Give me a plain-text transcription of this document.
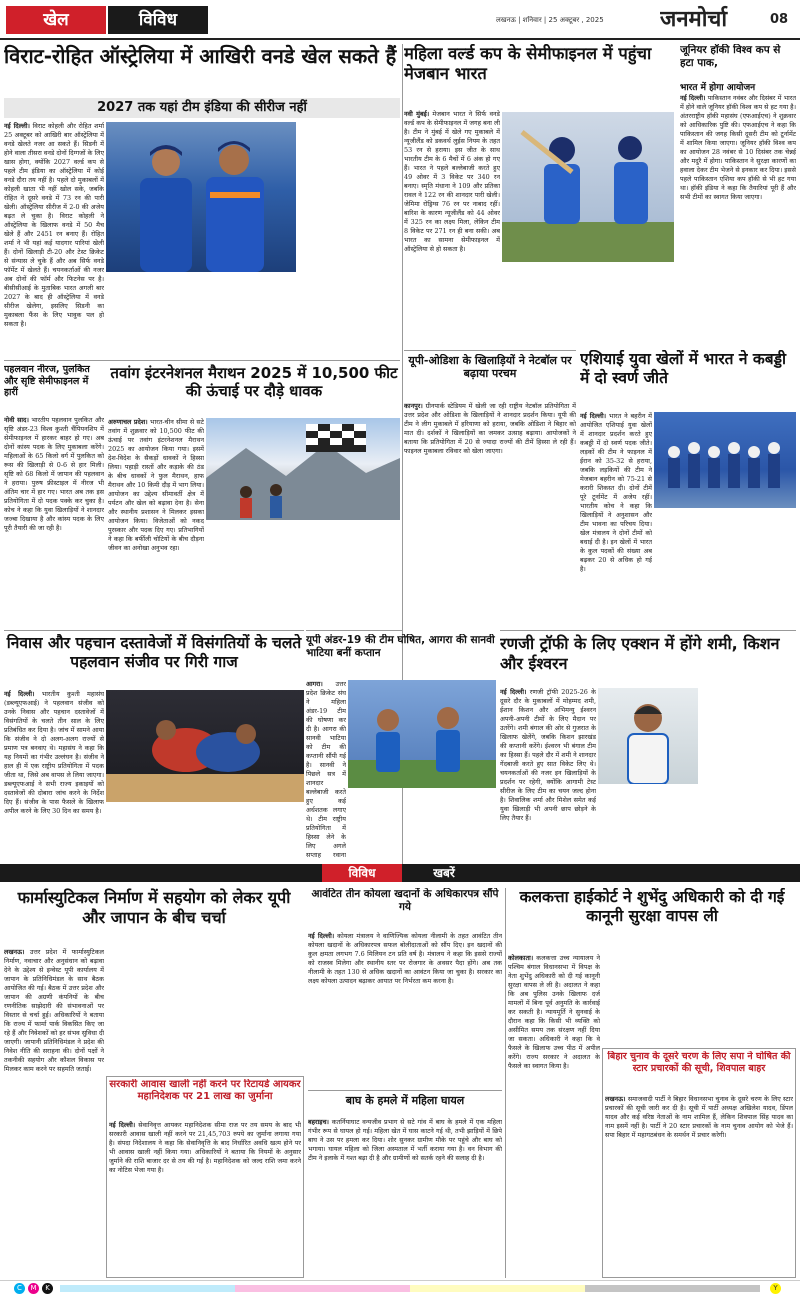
खेल	विविध	लखनऊ | शनिवार | 25 अक्टूबर , 2025	जनमोर्चा	08
विराट-रोहित ऑस्ट्रेलिया में आखिरी वनडे खेल सकते हैं
2027 तक यहां टीम इंडिया की सीरीज नहीं
नई दिल्ली। विराट कोहली और रोहित शर्मा 25 अक्टूबर को आखिरी बार ऑस्ट्रेलिया में वनडे खेलते नजर आ सकते हैं। सिडनी में होने वाला तीसरा वनडे दोनों दिग्गजों के लिए खास होगा, क्योंकि 2027 वर्ल्ड कप से पहले टीम इंडिया का ऑस्ट्रेलिया में कोई वनडे दौरा तय नहीं है। पहले दो मुकाबलों में कोहली खाता भी नहीं खोल सके, जबकि रोहित ने दूसरे वनडे में 73 रन की पारी खेली। ऑस्ट्रेलिया सीरीज में 2-0 की अजेय बढ़त ले चुका है। विराट कोहली ने ऑस्ट्रेलिया के खिलाफ वनडे में 50 मैच खेले हैं और 2451 रन बनाए हैं। रोहित शर्मा ने भी यहां कई यादगार पारियां खेली हैं। दोनों खिलाड़ी टी-20 और टेस्ट क्रिकेट से संन्यास ले चुके हैं और अब सिर्फ वनडे फॉर्मेट में खेलते हैं। चयनकर्ताओं की नजर अब दोनों की फॉर्म और फिटनेस पर है। बीसीसीआई के मुताबिक भारत अगली बार 2027 के बाद ही ऑस्ट्रेलिया में वनडे सीरीज खेलेगा, इसलिए सिडनी का मुकाबला फैंस के लिए भावुक पल हो सकता है।
महिला वर्ल्ड कप के सेमीफाइनल में पहुंचा मेजबान भारत
नवी मुंबई। मेजबान भारत ने सिर्फ वनडे वर्ल्ड कप के सेमीफाइनल में जगह बना ली है। टीम ने मुंबई में खेले गए मुकाबले में न्यूजीलैंड को डकवर्थ लुईस नियम के तहत 53 रन से हराया। इस जीत के साथ भारतीय टीम के 6 मैचों में 6 अंक हो गए हैं। भारत ने पहले बल्लेबाजी करते हुए 49 ओवर में 3 विकेट पर 340 रन बनाए। स्मृति मंधाना ने 109 और प्रतिका रावल ने 122 रन की शानदार पारी खेली। जेमिमा रोड्रिग्स 76 रन पर नाबाद रहीं। बारिश के कारण न्यूजीलैंड को 44 ओवर में 325 रन का लक्ष्य मिला, लेकिन टीम 8 विकेट पर 271 रन ही बना सकी। अब भारत का सामना सेमीफाइनल में ऑस्ट्रेलिया से हो सकता है।
जूनियर हॉकी विश्व कप से हटा पाक,
भारत में होगा आयोजन
नई दिल्ली। पाकिस्तान नवंबर और दिसंबर में भारत में होने वाले जूनियर हॉकी विश्व कप से हट गया है। अंतरराष्ट्रीय हॉकी महासंघ (एफआईएच) ने शुक्रवार को आधिकारिक पुष्टि की। एफआईएच ने कहा कि पाकिस्तान की जगह किसी दूसरी टीम को टूर्नामेंट में शामिल किया जाएगा। जूनियर हॉकी विश्व कप का आयोजन 28 नवंबर से 10 दिसंबर तक चेन्नई और मदुरै में होगा। पाकिस्तान ने सुरक्षा कारणों का हवाला देकर टीम भेजने से इनकार कर दिया। इससे पहले पाकिस्तान एशिया कप हॉकी से भी हट गया था। हॉकी इंडिया ने कहा कि तैयारियां पूरी हैं और सभी टीमों का स्वागत किया जाएगा।
पहलवान नीरज, पुलकित और सृष्टि सेमीफाइनल में हारीं
नोवी साद। भारतीय पहलवान पुलकित और सृष्टि अंडर-23 विश्व कुश्ती चैंपियनशिप में सेमीफाइनल में हारकर बाहर हो गए। अब दोनों कांस्य पदक के लिए मुकाबला करेंगे। महिलाओं के 65 किलो वर्ग में पुलकित को रूस की खिलाड़ी से 0-6 से हार मिली। सृष्टि को 68 किलो में जापान की पहलवान ने हराया। पुरुष फ्रीस्टाइल में नीरज भी अंतिम चार में हार गए। भारत अब तक इस प्रतियोगिता में दो पदक पक्के कर चुका है। कोच ने कहा कि युवा खिलाड़ियों ने शानदार जज्बा दिखाया है और कांस्य पदक के लिए पूरी तैयारी की जा रही है।
तवांग इंटरनेशनल मैराथन 2025 में 10,500 फीट की ऊंचाई पर दौड़े धावक
अरुणाचल प्रदेश। भारत-चीन सीमा से सटे तवांग में शुक्रवार को 10,500 फीट की ऊंचाई पर तवांग इंटरनेशनल मैराथन 2025 का आयोजन किया गया। इसमें देश-विदेश के सैकड़ों धावकों ने हिस्सा लिया। पहाड़ी रास्तों और कड़ाके की ठंड के बीच धावकों ने फुल मैराथन, हाफ मैराथन और 10 किमी दौड़ में भाग लिया। आयोजन का उद्देश्य सीमावर्ती क्षेत्र में पर्यटन और खेल को बढ़ावा देना है। सेना और स्थानीय प्रशासन ने मिलकर इसका आयोजन किया। विजेताओं को नकद पुरस्कार और पदक दिए गए। प्रतिभागियों ने कहा कि बर्फीली चोटियों के बीच दौड़ना जीवन का अनोखा अनुभव रहा।
यूपी-ओडिशा के खिलाड़ियों ने नेटबॉल पर बढ़ाया परचम
कानपुर। ग्रीनपार्क स्टेडियम में खेली जा रही राष्ट्रीय नेटबॉल प्रतियोगिता में उत्तर प्रदेश और ओडिशा के खिलाड़ियों ने शानदार प्रदर्शन किया। यूपी की टीम ने लीग मुकाबले में हरियाणा को हराया, जबकि ओडिशा ने बिहार को मात दी। दर्शकों ने खिलाड़ियों का जमकर उत्साह बढ़ाया। आयोजकों ने बताया कि प्रतियोगिता में 20 से ज्यादा राज्यों की टीमें हिस्सा ले रही हैं। फाइनल मुकाबला रविवार को खेला जाएगा।
एशियाई युवा खेलों में भारत ने कबड्डी में दो स्वर्ण जीते
नई दिल्ली। भारत ने बहरीन में आयोजित एशियाई युवा खेलों में शानदार प्रदर्शन करते हुए कबड्डी में दो स्वर्ण पदक जीते। लड़कों की टीम ने फाइनल में ईरान को 35-32 से हराया, जबकि लड़कियों की टीम ने मेजबान बहरीन को 75-21 से करारी शिकस्त दी। दोनों टीमें पूरे टूर्नामेंट में अजेय रहीं। भारतीय कोच ने कहा कि खिलाड़ियों ने अनुशासन और टीम भावना का परिचय दिया। खेल मंत्रालय ने दोनों टीमों को बधाई दी है। इन खेलों में भारत के कुल पदकों की संख्या अब बढ़कर 20 से अधिक हो गई है।
निवास और पहचान दस्तावेजों में विसंगतियों के चलते पहलवान संजीव पर गिरी गाज
नई दिल्ली। भारतीय कुश्ती महासंघ (डब्ल्यूएफआई) ने पहलवान संजीव को उनके निवास और पहचान दस्तावेजों में विसंगतियों के चलते तीन साल के लिए प्रतिबंधित कर दिया है। जांच में सामने आया कि संजीव ने दो अलग-अलग राज्यों से प्रमाण पत्र बनवाए थे। महासंघ ने कहा कि यह नियमों का गंभीर उल्लंघन है। संजीव ने हाल ही में एक राष्ट्रीय प्रतियोगिता में पदक जीता था, जिसे अब वापस ले लिया जाएगा। डब्ल्यूएफआई ने सभी राज्य इकाइयों को दस्तावेजों की दोबारा जांच करने के निर्देश दिए हैं। संजीव के पास फैसले के खिलाफ अपील करने के लिए 30 दिन का समय है।
यूपी अंडर-19 की टीम घोषित, आगरा की सानवी भाटिया बनीं कप्तान
आगरा। उत्तर प्रदेश क्रिकेट संघ ने महिला अंडर-19 टीम की घोषणा कर दी है। आगरा की सानवी भाटिया को टीम की कप्तानी सौंपी गई है। सानवी ने पिछले सत्र में शानदार बल्लेबाजी करते हुए कई अर्धशतक लगाए थे। टीम राष्ट्रीय प्रतियोगिता में हिस्सा लेने के लिए अगले सप्ताह रवाना
रणजी ट्रॉफी के लिए एक्शन में होंगे शमी, किशन और ईश्वरन
नई दिल्ली। रणजी ट्रॉफी 2025-26 के दूसरे दौर के मुकाबलों में मोहम्मद शमी, ईशान किशन और अभिमन्यु ईश्वरन अपनी-अपनी टीमों के लिए मैदान पर उतरेंगे। शमी बंगाल की ओर से गुजरात के खिलाफ खेलेंगे, जबकि किशन झारखंड की कप्तानी करेंगे। ईश्वरन भी बंगाल टीम का हिस्सा हैं। पहले दौर में शमी ने शानदार गेंदबाजी करते हुए सात विकेट लिए थे। चयनकर्ताओं की नजर इन खिलाड़ियों के प्रदर्शन पर रहेगी, क्योंकि आगामी टेस्ट सीरीज के लिए टीम का चयन जल्द होना है। शिवालिक शर्मा और मिशेल समेत कई युवा खिलाड़ी भी अपनी छाप छोड़ने के लिए तैयार हैं।
विविध	खबरें
फार्मास्युटिकल निर्माण में सहयोग को लेकर यूपी और जापान के बीच चर्चा
लखनऊ। उत्तर प्रदेश में फार्मास्युटिकल निर्माण, नवाचार और अनुसंधान को बढ़ावा देने के उद्देश्य से इन्वेस्ट यूपी कार्यालय में जापान के प्रतिनिधिमंडल के साथ बैठक आयोजित की गई। बैठक में उत्तर प्रदेश और जापान की अग्रणी कंपनियों के बीच रणनीतिक साझेदारी की संभावनाओं पर विस्तार से चर्चा हुई। अधिकारियों ने बताया कि राज्य में फार्मा पार्क विकसित किए जा रहे हैं और निवेशकों को हर संभव सुविधा दी जाएगी। जापानी प्रतिनिधिमंडल ने प्रदेश की निवेश नीति की सराहना की। दोनों पक्षों ने तकनीकी सहयोग और कौशल विकास पर मिलकर काम करने पर सहमति जताई।
सरकारी आवास खाली नहीं करने पर रिटायर्ड आयकर महानिदेशक पर 21 लाख का जुर्माना
नई दिल्ली। सेवानिवृत्त आयकर महानिदेशक सीमा राज पर तय समय के बाद भी सरकारी आवास खाली नहीं करने पर 21,45,703 रुपये का जुर्माना लगाया गया है। संपदा निदेशालय ने कहा कि सेवानिवृत्ति के बाद निर्धारित अवधि खत्म होने पर भी आवास खाली नहीं किया गया। अधिकारियों ने बताया कि नियमों के अनुसार जुर्माने की राशि बाजार दर से तय की गई है। महानिदेशक को जल्द राशि जमा करने का नोटिस भेजा गया है।
आवंटित तीन कोयला खदानों के अधिकारपत्र सौंपे गये
नई दिल्ली। कोयला मंत्रालय ने वाणिज्यिक कोयला नीलामी के तहत आवंटित तीन कोयला खदानों के अधिकारपत्र सफल बोलीदाताओं को सौंप दिए। इन खदानों की कुल क्षमता लगभग 7.6 मिलियन टन प्रति वर्ष है। मंत्रालय ने कहा कि इससे राज्यों को राजस्व मिलेगा और स्थानीय स्तर पर रोजगार के अवसर पैदा होंगे। अब तक नीलामी के तहत 130 से अधिक खदानों का आवंटन किया जा चुका है। सरकार का लक्ष्य कोयला उत्पादन बढ़ाकर आयात पर निर्भरता कम करना है।
बाघ के हमले में महिला घायल
बहराइच। कतर्नियाघाट वन्यजीव प्रभाग से सटे गांव में बाघ के हमले में एक महिला गंभीर रूप से घायल हो गई। महिला खेत में घास काटने गई थी, तभी झाड़ियों में छिपे बाघ ने उस पर हमला कर दिया। शोर सुनकर ग्रामीण मौके पर पहुंचे और बाघ को भगाया। घायल महिला को जिला अस्पताल में भर्ती कराया गया है। वन विभाग की टीम ने इलाके में गश्त बढ़ा दी है और ग्रामीणों को सतर्क रहने की सलाह दी है।
कलकत्ता हाईकोर्ट ने शुभेंदु अधिकारी को दी गई कानूनी सुरक्षा वापस ली
कोलकाता। कलकत्ता उच्च न्यायालय ने पश्चिम बंगाल विधानसभा में विपक्ष के नेता शुभेंदु अधिकारी को दी गई कानूनी सुरक्षा वापस ले ली है। अदालत ने कहा कि अब पुलिस उनके खिलाफ दर्ज मामलों में बिना पूर्व अनुमति के कार्रवाई कर सकती है। न्यायमूर्ति ने सुनवाई के दौरान कहा कि किसी भी व्यक्ति को असीमित समय तक संरक्षण नहीं दिया जा सकता। अधिकारी ने कहा कि वे फैसले के खिलाफ उच्च पीठ में अपील करेंगे। राज्य सरकार ने अदालत के फैसले का स्वागत किया है।
बिहार चुनाव के दूसरे चरण के लिए सपा ने घोषित की स्टार प्रचारकों की सूची, शिवपाल बाहर
लखनऊ। समाजवादी पार्टी ने बिहार विधानसभा चुनाव के दूसरे चरण के लिए स्टार प्रचारकों की सूची जारी कर दी है। सूची में पार्टी अध्यक्ष अखिलेश यादव, डिंपल यादव और कई वरिष्ठ नेताओं के नाम शामिल हैं, लेकिन शिवपाल सिंह यादव का नाम इसमें नहीं है। पार्टी ने 20 स्टार प्रचारकों के नाम चुनाव आयोग को भेजे हैं। सपा बिहार में महागठबंधन के समर्थन में प्रचार करेगी।
C	M	K	Y
